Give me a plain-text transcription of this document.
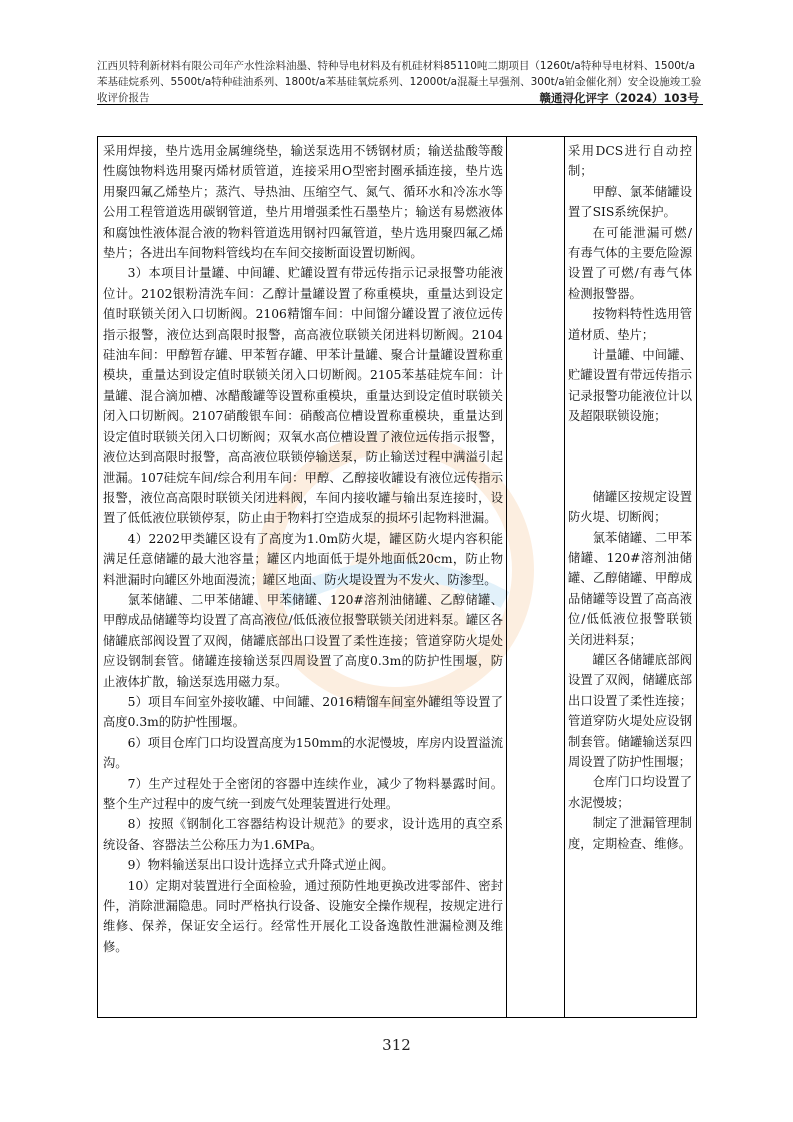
江西贝特利新材料有限公司年产水性涂料油墨、特种导电材料及有机硅材料85110吨二期项目（1260t/a特种导电材料、1500t/a苯基硅烷系列、5500t/a特种硅油系列、1800t/a苯基硅氧烷系列、12000t/a混凝土早强剂、300t/a铂金催化剂）安全设施竣工验收评价报告	赣通浔化评字（2024）103号

采用焊接，垫片选用金属缠绕垫，输送泵选用不锈钢材质；输送盐酸等酸性腐蚀物料选用聚丙烯材质管道，连接采用O型密封圈承插连接，垫片选用聚四氟乙烯垫片；蒸汽、导热油、压缩空气、氮气、循环水和冷冻水等公用工程管道选用碳钢管道，垫片用增强柔性石墨垫片；输送有易燃液体和腐蚀性液体混合液的物料管道选用钢衬四氟管道，垫片选用聚四氟乙烯垫片；各进出车间物料管线均在车间交接断面设置切断阀。

3）本项目计量罐、中间罐、贮罐设置有带远传指示记录报警功能液位计。2102银粉清洗车间：乙醇计量罐设置了称重模块，重量达到设定值时联锁关闭入口切断阀。2106精馏车间：中间馏分罐设置了液位远传指示报警，液位达到高限时报警，高高液位联锁关闭进料切断阀。2104硅油车间：甲醇暂存罐、甲苯暂存罐、甲苯计量罐、聚合计量罐设置称重模块，重量达到设定值时联锁关闭入口切断阀。2105苯基硅烷车间：计量罐、混合滴加槽、冰醋酸罐等设置称重模块，重量达到设定值时联锁关闭入口切断阀。2107硝酸银车间：硝酸高位槽设置称重模块，重量达到设定值时联锁关闭入口切断阀；双氧水高位槽设置了液位远传指示报警，液位达到高限时报警，高高液位联锁停输送泵，防止输送过程中满溢引起泄漏。107硅烷车间/综合利用车间：甲醇、乙醇接收罐设有液位远传指示报警，液位高高限时联锁关闭进料阀，车间内接收罐与输出泵连接时，设置了低低液位联锁停泵，防止由于物料打空造成泵的损坏引起物料泄漏。

4）2202甲类罐区设有了高度为1.0m防火堤，罐区防火堤内容积能满足任意储罐的最大池容量；罐区内地面低于堤外地面低20cm，防止物料泄漏时向罐区外地面漫流；罐区地面、防火堤设置为不发火、防渗型。

氯苯储罐、二甲苯储罐、甲苯储罐、120#溶剂油储罐、乙醇储罐、甲醇成品储罐等均设置了高高液位/低低液位报警联锁关闭进料泵。罐区各储罐底部阀设置了双阀，储罐底部出口设置了柔性连接；管道穿防火堤处应设钢制套管。储罐连接输送泵四周设置了高度0.3m的防护性围堰，防止液体扩散，输送泵选用磁力泵。

5）项目车间室外接收罐、中间罐、2016精馏车间室外罐组等设置了高度0.3m的防护性围堰。

6）项目仓库门口均设置高度为150mm的水泥慢坡，库房内设置溢流沟。

7）生产过程处于全密闭的容器中连续作业，减少了物料暴露时间。整个生产过程中的废气统一到废气处理装置进行处理。

8）按照《钢制化工容器结构设计规范》的要求，设计选用的真空系统设备、容器法兰公称压力为1.6MPa。

9）物料输送泵出口设计选择立式升降式逆止阀。

10）定期对装置进行全面检验，通过预防性地更换改进零部件、密封件，消除泄漏隐患。同时严格执行设备、设施安全操作规程，按规定进行维修、保养，保证安全运行。经常性开展化工设备逸散性泄漏检测及维修。

采用DCS进行自动控制；

甲醇、氯苯储罐设置了SIS系统保护。

在可能泄漏可燃/有毒气体的主要危险源设置了可燃/有毒气体检测报警器。

按物料特性选用管道材质、垫片；

计量罐、中间罐、贮罐设置有带远传指示记录报警功能液位计以及超限联锁设施；

储罐区按规定设置防火堤、切断阀；

氯苯储罐、二甲苯储罐、120#溶剂油储罐、乙醇储罐、甲醇成品储罐等设置了高高液位/低低液位报警联锁关闭进料泵；

罐区各储罐底部阀设置了双阀，储罐底部出口设置了柔性连接；管道穿防火堤处应设钢制套管。储罐输送泵四周设置了防护性围堰；

仓库门口均设置了水泥慢坡；

制定了泄漏管理制度，定期检查、维修。

312
